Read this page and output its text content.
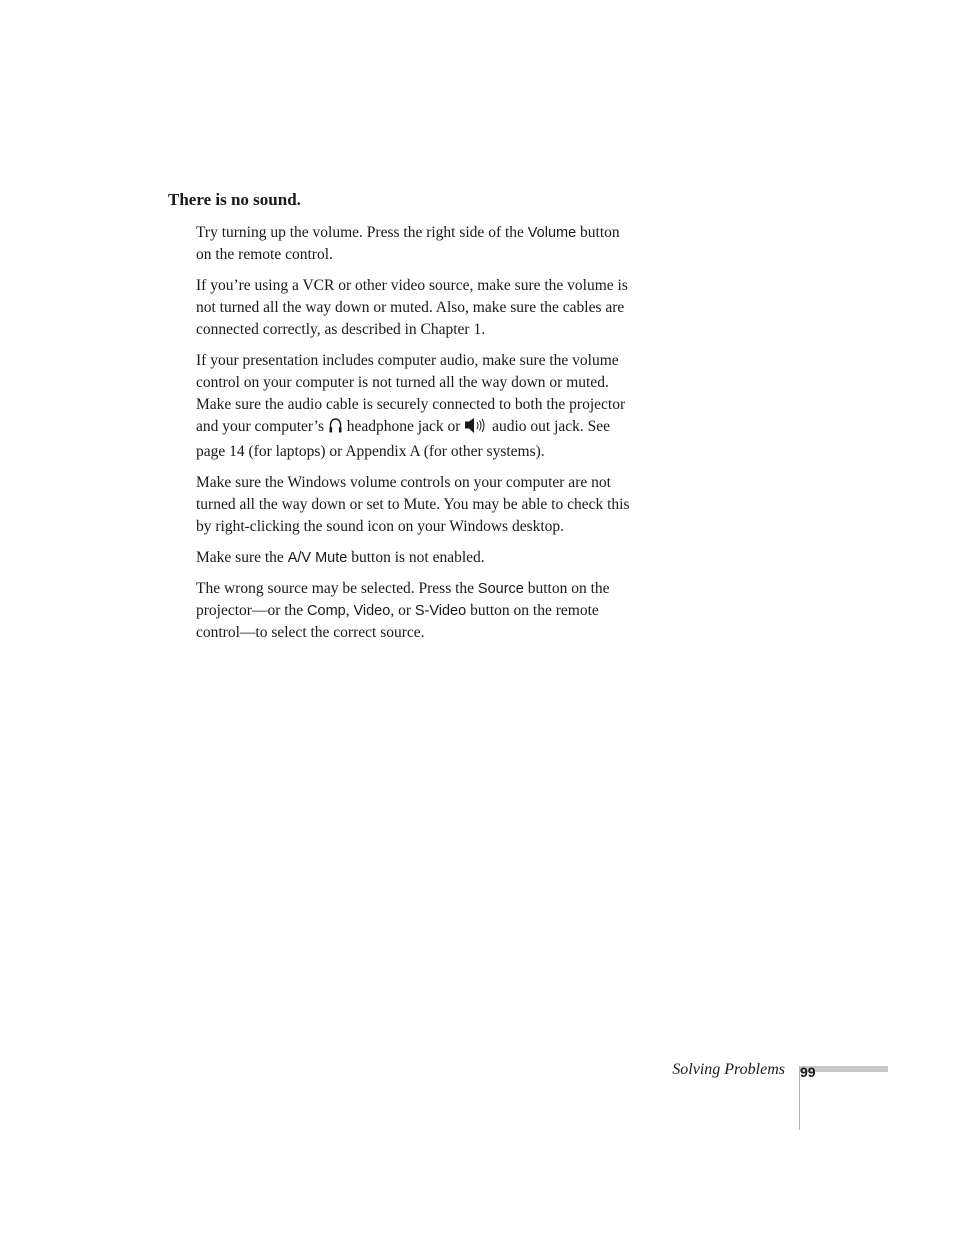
There is no sound.

Try turning up the volume. Press the right side of the Volume button on the remote control.

If you’re using a VCR or other video source, make sure the volume is not turned all the way down or muted. Also, make sure the cables are connected correctly, as described in Chapter 1.

If your presentation includes computer audio, make sure the volume control on your computer is not turned all the way down or muted. Make sure the audio cable is securely connected to both the projector and your computer’s  headphone jack or  audio out jack. See page 14 (for laptops) or Appendix A (for other systems).

Make sure the Windows volume controls on your computer are not turned all the way down or set to Mute. You may be able to check this by right-clicking the sound icon on your Windows desktop.

Make sure the A/V Mute button is not enabled.

The wrong source may be selected. Press the Source button on the projector—or the Comp, Video, or S-Video button on the remote control—to select the correct source.

Solving Problems 99
